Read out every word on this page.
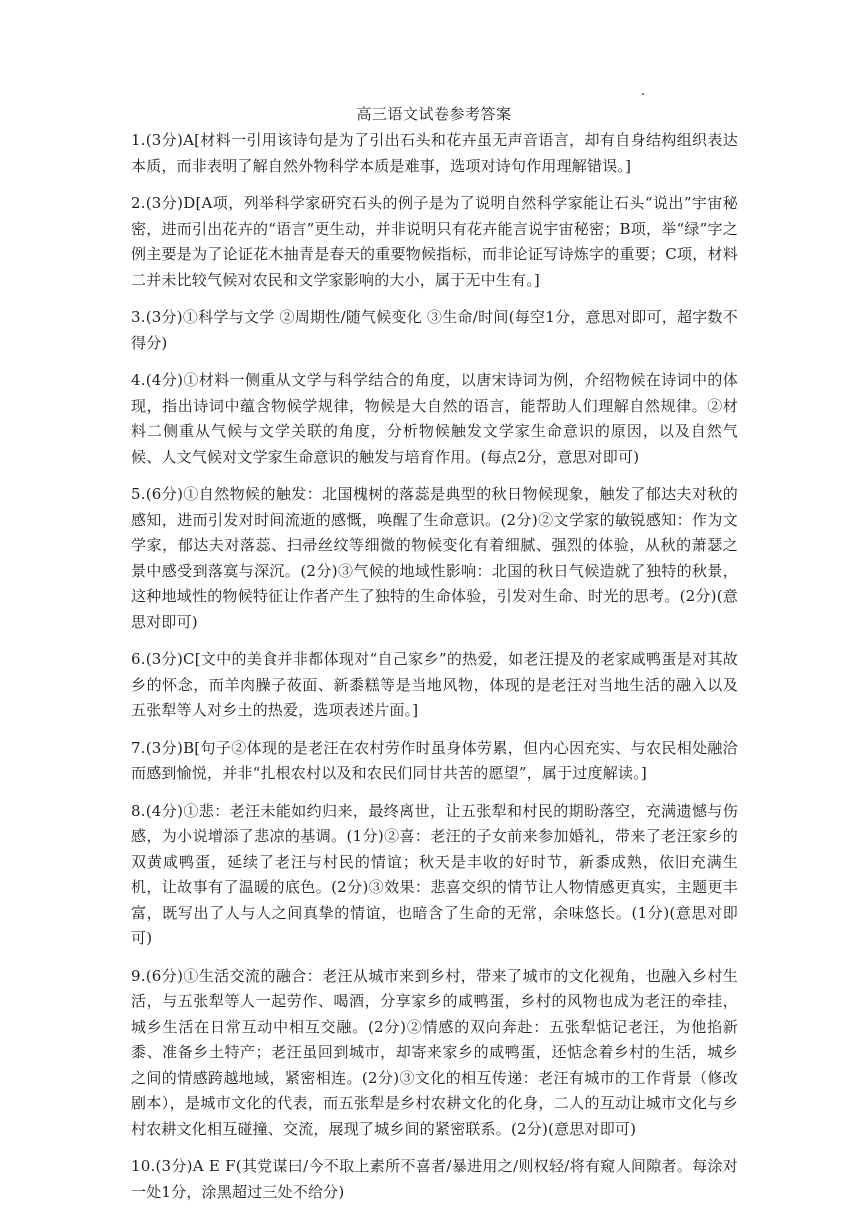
高三语文试卷参考答案

1.(3分)A[材料一引用该诗句是为了引出石头和花卉虽无声音语言，却有自身结构组织表达本质，而非表明了解自然外物科学本质是难事，选项对诗句作用理解错误。]

2.(3分)D[A项，列举科学家研究石头的例子是为了说明自然科学家能让石头“说出”宇宙秘密，进而引出花卉的“语言”更生动，并非说明只有花卉能言说宇宙秘密；B项，举“绿”字之例主要是为了论证花木抽青是春天的重要物候指标，而非论证写诗炼字的重要；C项，材料二并未比较气候对农民和文学家影响的大小，属于无中生有。]

3.(3分)①科学与文学 ②周期性/随气候变化 ③生命/时间(每空1分，意思对即可，超字数不得分)

4.(4分)①材料一侧重从文学与科学结合的角度，以唐宋诗词为例，介绍物候在诗词中的体现，指出诗词中蕴含物候学规律，物候是大自然的语言，能帮助人们理解自然规律。②材料二侧重从气候与文学关联的角度，分析物候触发文学家生命意识的原因，以及自然气候、人文气候对文学家生命意识的触发与培育作用。(每点2分，意思对即可)

5.(6分)①自然物候的触发：北国槐树的落蕊是典型的秋日物候现象，触发了郁达夫对秋的感知，进而引发对时间流逝的感慨，唤醒了生命意识。(2分)②文学家的敏锐感知：作为文学家，郁达夫对落蕊、扫帚丝纹等细微的物候变化有着细腻、强烈的体验，从秋的萧瑟之景中感受到落寞与深沉。(2分)③气候的地域性影响：北国的秋日气候造就了独特的秋景，这种地域性的物候特征让作者产生了独特的生命体验，引发对生命、时光的思考。(2分)(意思对即可)

6.(3分)C[文中的美食并非都体现对“自己家乡”的热爱，如老汪提及的老家咸鸭蛋是对其故乡的怀念，而羊肉臊子莜面、新黍糕等是当地风物，体现的是老汪对当地生活的融入以及五张犁等人对乡土的热爱，选项表述片面。]

7.(3分)B[句子②体现的是老汪在农村劳作时虽身体劳累，但内心因充实、与农民相处融洽而感到愉悦，并非“扎根农村以及和农民们同甘共苦的愿望”，属于过度解读。]

8.(4分)①悲：老汪未能如约归来，最终离世，让五张犁和村民的期盼落空，充满遗憾与伤感，为小说增添了悲凉的基调。(1分)②喜：老汪的子女前来参加婚礼，带来了老汪家乡的双黄咸鸭蛋，延续了老汪与村民的情谊；秋天是丰收的好时节，新黍成熟，依旧充满生机，让故事有了温暖的底色。(2分)③效果：悲喜交织的情节让人物情感更真实，主题更丰富，既写出了人与人之间真挚的情谊，也暗含了生命的无常，余味悠长。(1分)(意思对即可)

9.(6分)①生活交流的融合：老汪从城市来到乡村，带来了城市的文化视角，也融入乡村生活，与五张犁等人一起劳作、喝酒，分享家乡的咸鸭蛋，乡村的风物也成为老汪的牵挂，城乡生活在日常互动中相互交融。(2分)②情感的双向奔赴：五张犁惦记老汪，为他掐新黍、准备乡土特产；老汪虽回到城市，却寄来家乡的咸鸭蛋，还惦念着乡村的生活，城乡之间的情感跨越地域，紧密相连。(2分)③文化的相互传递：老汪有城市的工作背景（修改剧本），是城市文化的代表，而五张犁是乡村农耕文化的化身，二人的互动让城市文化与乡村农耕文化相互碰撞、交流，展现了城乡间的紧密联系。(2分)(意思对即可)

10.(3分)A E F(其党谋曰/今不取上素所不喜者/暴进用之/则权轻/将有窥人间隙者。每涂对一处1分，涂黑超过三处不给分)
